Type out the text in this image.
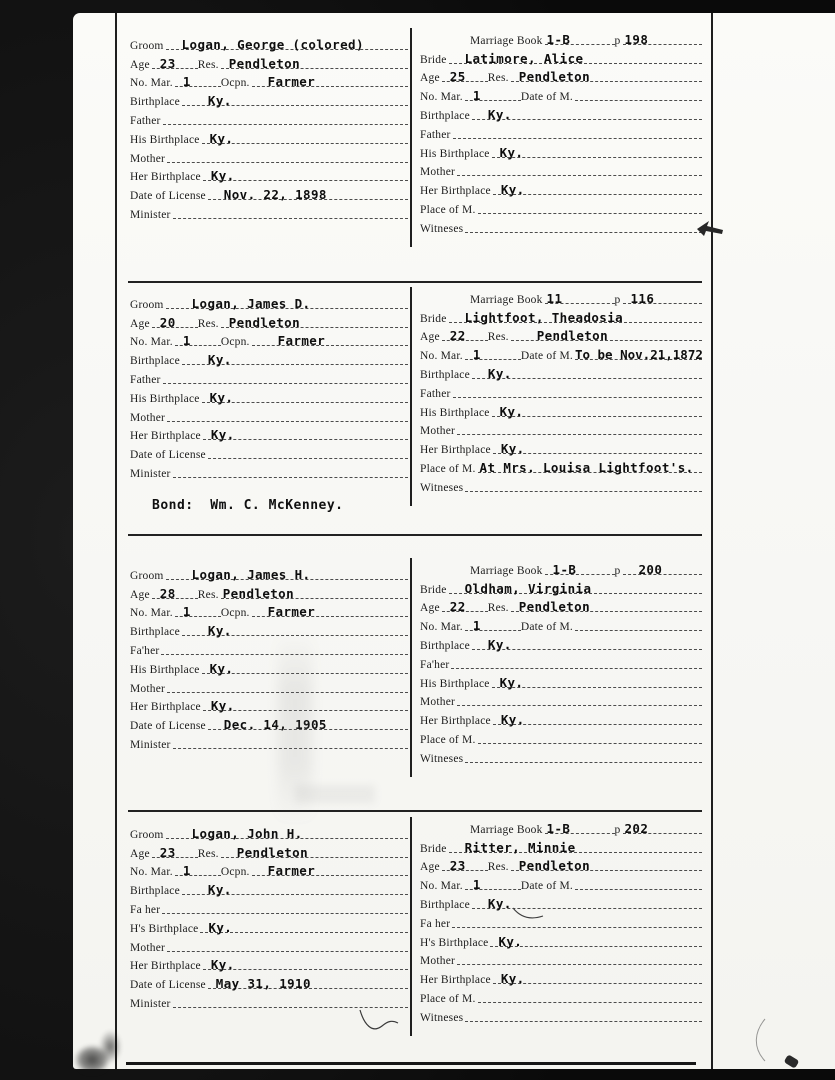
Groom	Logan, George (colored)
Age 23 Res. Pendleton
No. Mar. 1	Ocpn.	Farmer
Birthplace	Ky.
Father
His Birthplace Ky.
Mother
Her Birthplace Ky.
Date of License	Nov. 22, 1898
Minister
Marriage Book 1-B	p 198
Bride	Latimore, Alice
Age 25 Res. Pendleton
No. Mar. 1	Date of M.
Birthplace	Ky.
Father
His Birthplace Ky.
Mother
Her Birthplace Ky.
Place of M.
Witneses
Groom	Logan, James D.
Age 20 Res. Pendleton
No. Mar. 1	Ocpn.	Farmer
Birthplace	Ky.
Father
His Birthplace Ky.
Mother
Her Birthplace Ky.
Date of License
Minister
Bond:  Wm. C. McKenney.
Marriage Book 11	p 116
Bride	Lightfoot, Theadosia
Age 22 Res.	Pendleton
No. Mar. 1	Date of M. To be Nov.21,1872
Birthplace	Ky.
Father
His Birthplace Ky.
Mother
Her Birthplace Ky.
Place of M. At Mrs. Louisa Lightfoot's.
Witneses
Groom	Logan, James H.
Age 28 Res. Pendleton
No. Mar. 1	Ocpn.	Farmer
Birthplace	Ky.
Fa'her
His Birthplace Ky.
Mother
Her Birthplace Ky.
Date of License	Dec. 14, 1905
Minister
Marriage Book 1-B	p	200
Bride	Oldham, Virginia
Age 22 Res. Pendleton
No. Mar. 1	Date of M.
Birthplace	Ky.
Fa'her
His Birthplace Ky.
Mother
Her Birthplace Ky.
Place of M.
Witneses
Groom	Logan, John H.
Age 23 Res.	Pendleton
No. Mar. 1	Ocpn.	Farmer
Birthplace	Ky.
Fa her
H's Birthplace Ky.
Mother
Her Birthplace Ky.
Date of License May 31, 1910
Minister
Marriage Book 1-B	p 202
Bride	Ritter, Minnie
Age 23 Res. Pendleton
No. Mar. 1	Date of M.
Birthplace	Ky.
Fa her
H's Birthplace Ky.
Mother
Her Birthplace Ky.
Place of M.
Witneses
